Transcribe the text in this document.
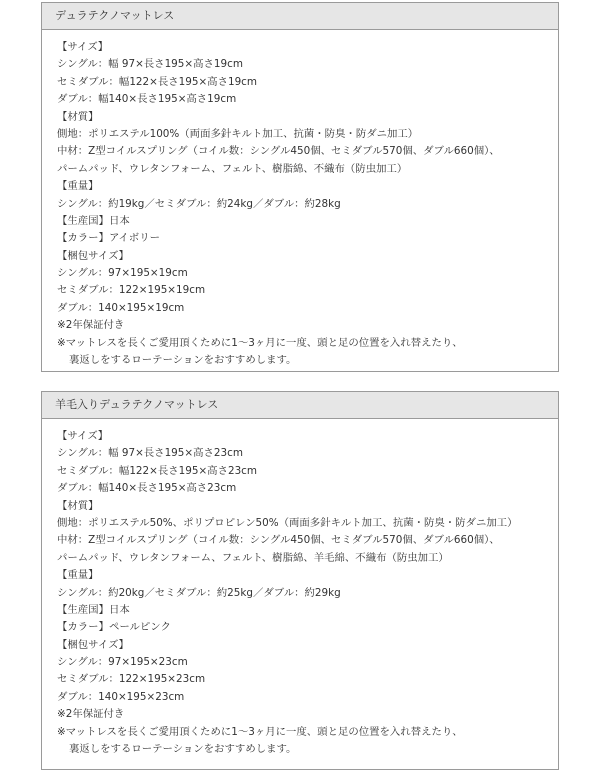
デュラテクノマットレス
【サイズ】
シングル：幅 97×長さ195×高さ19cm
セミダブル：幅122×長さ195×高さ19cm
ダブル：幅140×長さ195×高さ19cm
【材質】
側地：ポリエステル100%（両面多針キルト加工、抗菌・防臭・防ダニ加工）
中材：Z型コイルスプリング（コイル数：シングル450個、セミダブル570個、ダブル660個）、
パームパッド、ウレタンフォーム、フェルト、樹脂綿、不織布（防虫加工）
【重量】
シングル：約19kg／セミダブル：約24kg／ダブル：約28kg
【生産国】日本
【カラー】アイボリー
【梱包サイズ】
シングル：97×195×19cm
セミダブル：122×195×19cm
ダブル：140×195×19cm
※2年保証付き
※マットレスを長くご愛用頂くために1〜3ヶ月に一度、頭と足の位置を入れ替えたり、
裏返しをするローテーションをおすすめします。
羊毛入りデュラテクノマットレス
【サイズ】
シングル：幅 97×長さ195×高さ23cm
セミダブル：幅122×長さ195×高さ23cm
ダブル：幅140×長さ195×高さ23cm
【材質】
側地：ポリエステル50%、ポリプロピレン50%（両面多針キルト加工、抗菌・防臭・防ダニ加工）
中材：Z型コイルスプリング（コイル数：シングル450個、セミダブル570個、ダブル660個）、
パームパッド、ウレタンフォーム、フェルト、樹脂綿、羊毛綿、不織布（防虫加工）
【重量】
シングル：約20kg／セミダブル：約25kg／ダブル：約29kg
【生産国】日本
【カラー】ペールピンク
【梱包サイズ】
シングル：97×195×23cm
セミダブル：122×195×23cm
ダブル：140×195×23cm
※2年保証付き
※マットレスを長くご愛用頂くために1〜3ヶ月に一度、頭と足の位置を入れ替えたり、
裏返しをするローテーションをおすすめします。
